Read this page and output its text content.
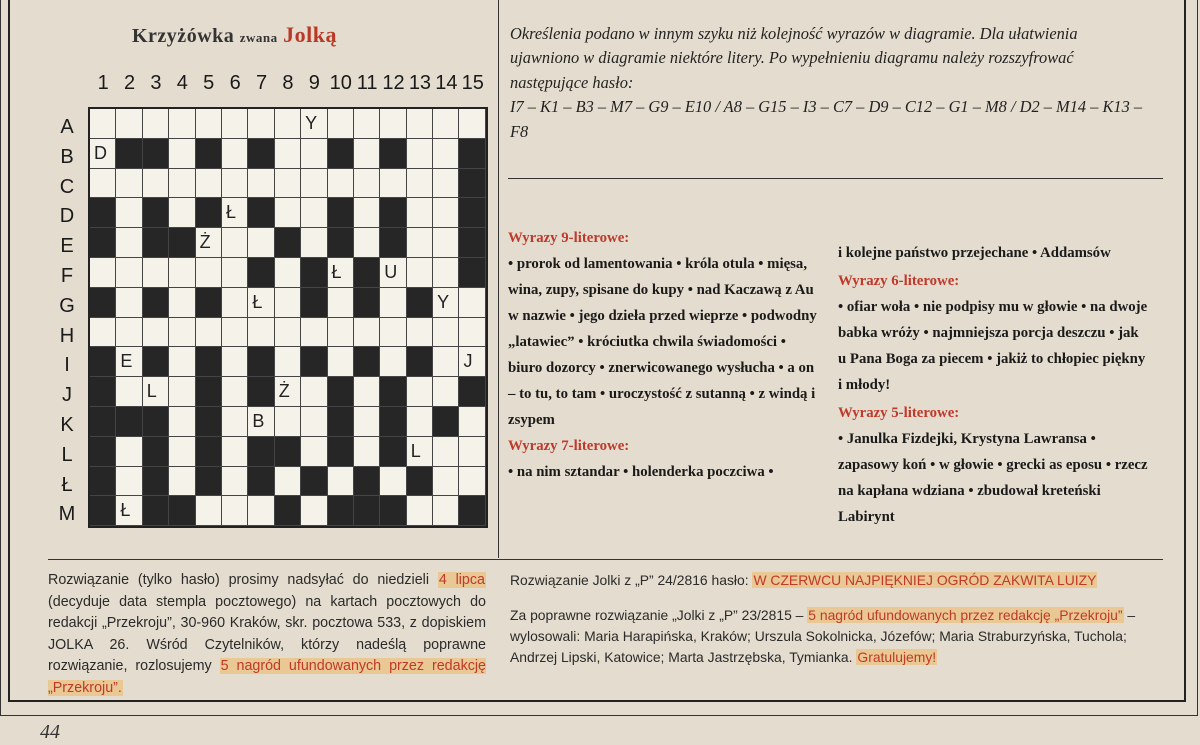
Krzyżówka zwana Jolką
1 2 3 4 5 6 7 8 9 10 11 12 13 14 15
A
B
C
D
E
F
G
H
I
J
K
L
Ł
M
Y
D
Ł
Ż
Ł	U
Ł	Y
E	J
L	Ż
B
L
Ł
Określenia podano w innym szyku niż kolejność wyrazów w diagramie. Dla ułatwienia ujawniono w diagramie niektóre litery. Po wypełnieniu diagramu należy rozszyfrować następujące hasło:
I7 – K1 – B3 – M7 – G9 – E10 / A8 – G15 – I3 – C7 – D9 – C12 – G1 – M8 / D2 – M14 – K13 – F8
Wyrazy 9-literowe:
• prorok od lamentowania • króla otula • mięsa, wina, zupy, spisane do kupy • nad Kaczawą z Au w nazwie • jego dzieła przed wieprze • podwodny „latawiec” • króciutka chwila świadomości • biuro dozorcy • znerwicowanego wysłucha • a on – to tu, to tam • uroczystość z sutanną • z windą i zsypem
Wyrazy 7-literowe:
• na nim sztandar • holenderka poczciwa •
i kolejne państwo przejechane • Addamsów
Wyrazy 6-literowe:
• ofiar woła • nie podpisy mu w głowie • na dwoje babka wróży • najmniejsza porcja deszczu • jak u Pana Boga za piecem • jakiż to chłopiec piękny i młody!
Wyrazy 5-literowe:
• Janulka Fizdejki, Krystyna Lawransa • zapasowy koń • w głowie • grecki as eposu • rzecz na kapłana wdziana • zbudował kreteński Labirynt
Rozwiązanie (tylko hasło) prosimy nadsyłać do niedzieli 4 lipca (decyduje data stempla pocztowego) na kartach pocztowych do redakcji „Przekroju”, 30-960 Kraków, skr. pocztowa 533, z dopiskiem JOLKA 26. Wśród Czytelników, którzy nadeślą poprawne rozwiązanie, rozlosujemy 5 nagród ufundowanych przez redakcję „Przekroju”.
Rozwiązanie Jolki z „P” 24/2816 hasło: W CZERWCU NAJPIĘKNIEJ OGRÓD ZAKWITA LUIZY
Za poprawne rozwiązanie „Jolki z „P” 23/2815 – 5 nagród ufundowanych przez redakcję „Przekroju” – wylosowali: Maria Harapińska, Kraków; Urszula Sokolnicka, Józefów; Maria Straburzyńska, Tuchola; Andrzej Lipski, Katowice; Marta Jastrzębska, Tymianka. Gratulujemy!
44
